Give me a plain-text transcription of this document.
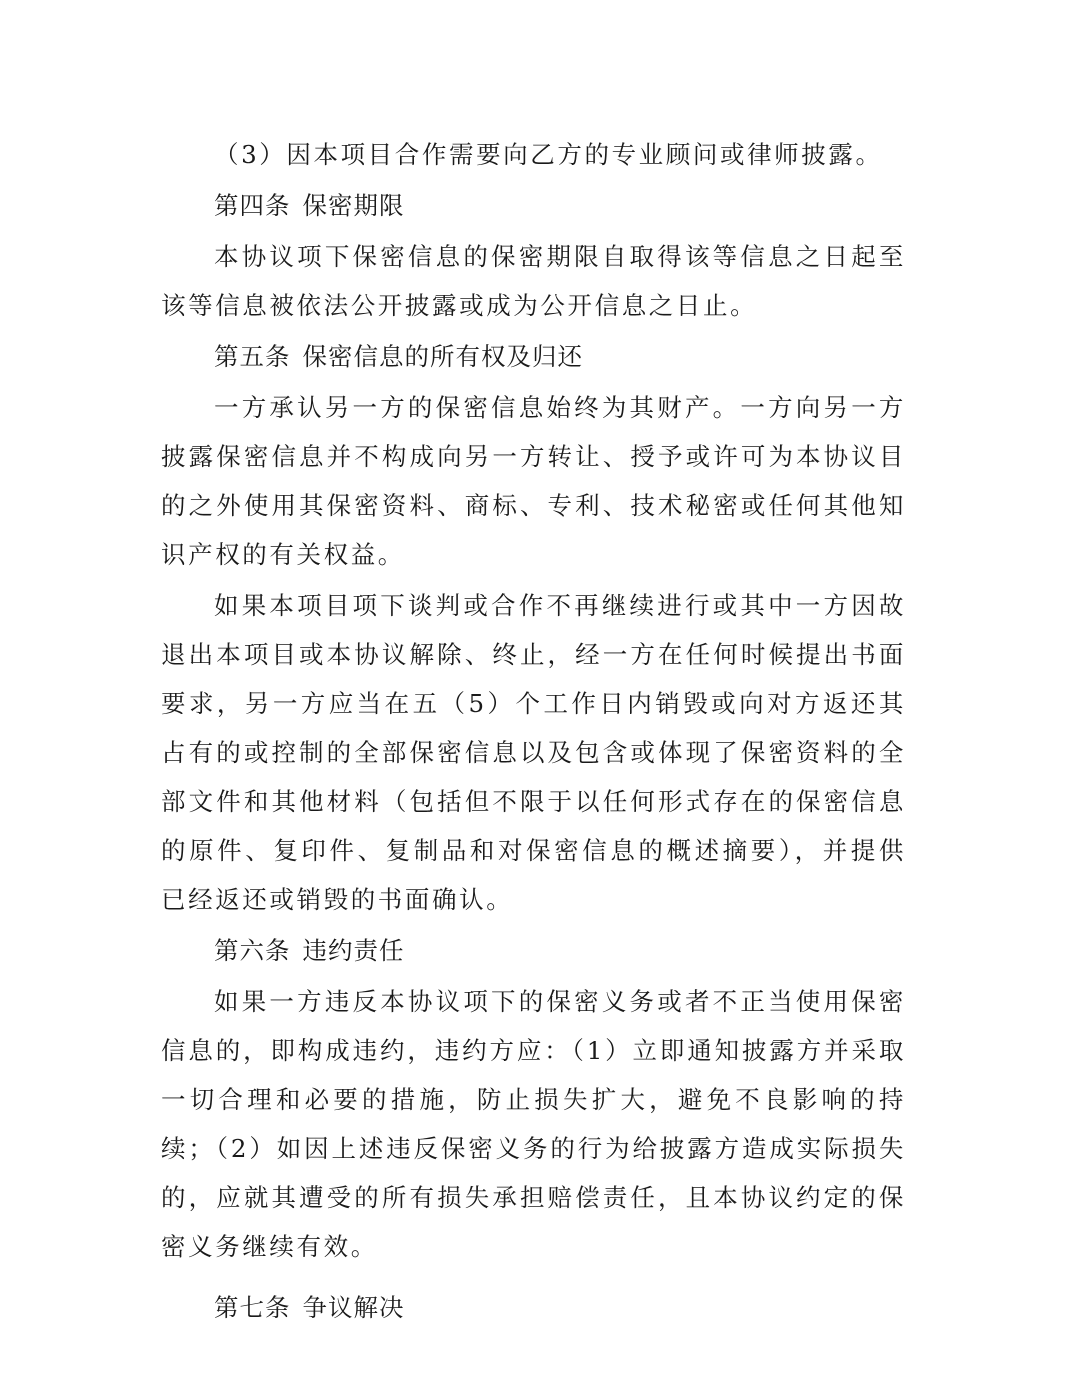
（3）因本项目合作需要向乙方的专业顾问或律师披露。

第四条 保密期限

本协议项下保密信息的保密期限自取得该等信息之日起至该等信息被依法公开披露或成为公开信息之日止。

第五条 保密信息的所有权及归还

一方承认另一方的保密信息始终为其财产。一方向另一方披露保密信息并不构成向另一方转让、授予或许可为本协议目的之外使用其保密资料、商标、专利、技术秘密或任何其他知识产权的有关权益。

如果本项目项下谈判或合作不再继续进行或其中一方因故退出本项目或本协议解除、终止，经一方在任何时候提出书面要求，另一方应当在五（5）个工作日内销毁或向对方返还其占有的或控制的全部保密信息以及包含或体现了保密资料的全部文件和其他材料（包括但不限于以任何形式存在的保密信息的原件、复印件、复制品和对保密信息的概述摘要），并提供已经返还或销毁的书面确认。

第六条 违约责任

如果一方违反本协议项下的保密义务或者不正当使用保密信息的，即构成违约，违约方应：（1）立即通知披露方并采取一切合理和必要的措施，防止损失扩大，避免不良影响的持续；（2）如因上述违反保密义务的行为给披露方造成实际损失的，应就其遭受的所有损失承担赔偿责任，且本协议约定的保密义务继续有效。

第七条 争议解决
